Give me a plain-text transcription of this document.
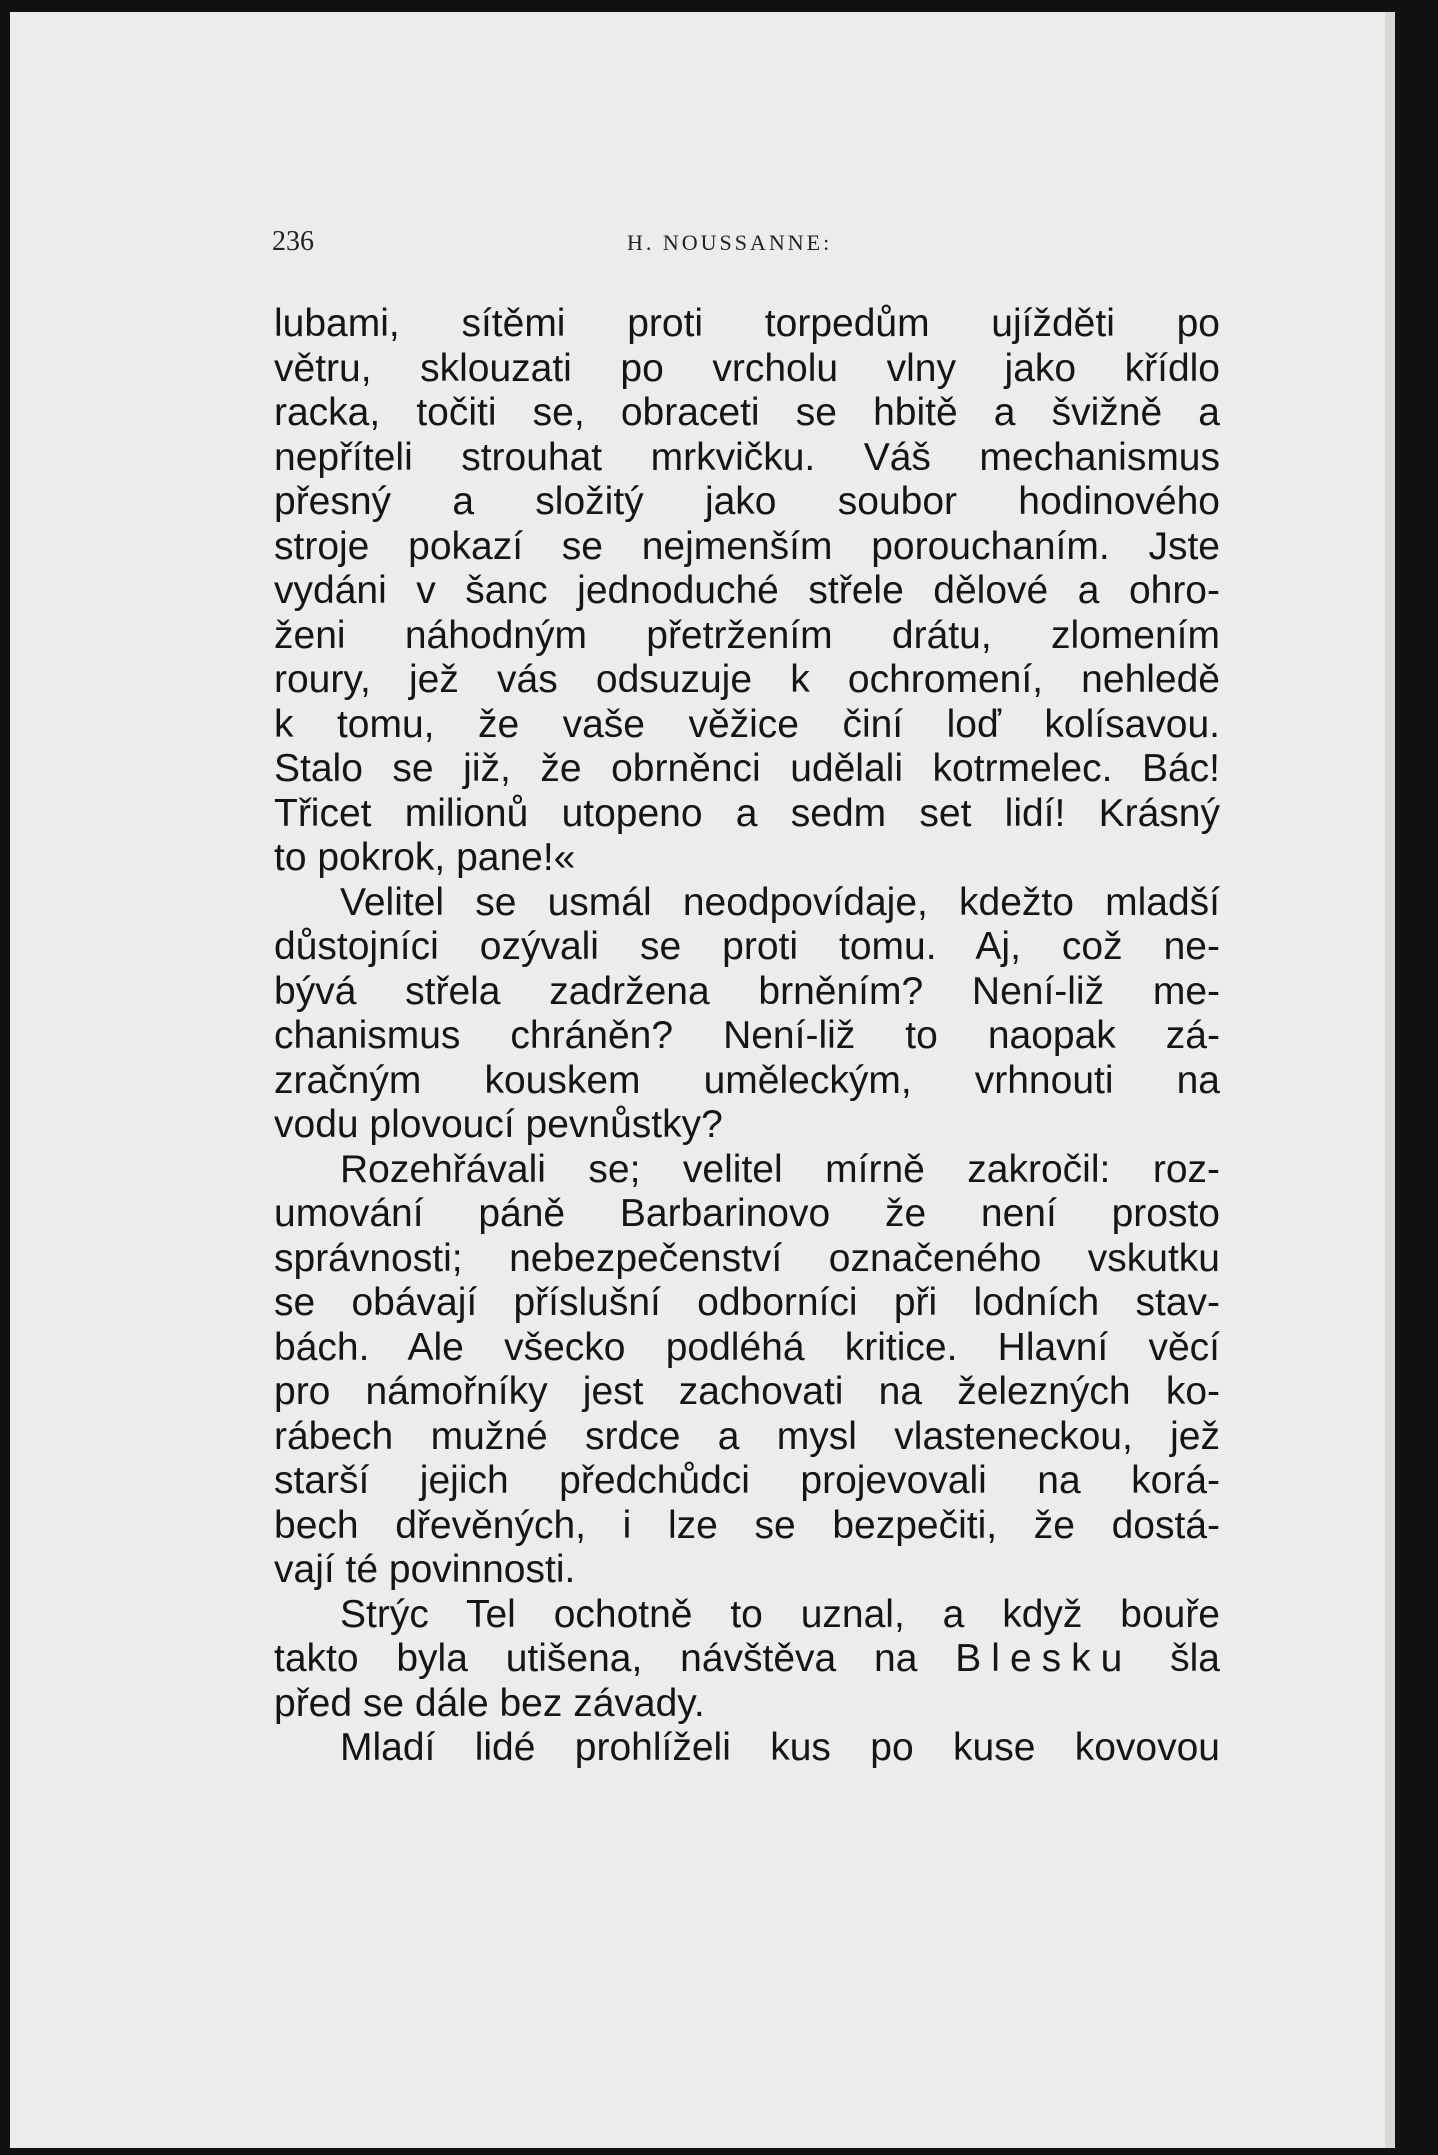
236	H. NOUSSANNE:
lubami, sítěmi proti torpedům ujížděti po
větru, sklouzati po vrcholu vlny jako křídlo
racka, točiti se, obraceti se hbitě a švižně a
nepříteli strouhat mrkvičku. Váš mechanismus
přesný a složitý jako soubor hodinového
stroje pokazí se nejmenším porouchaním. Jste
vydáni v šanc jednoduché střele dělové a ohro-
ženi náhodným přetržením drátu, zlomením
roury, jež vás odsuzuje k ochromení, nehledě
k tomu, že vaše věžice činí loď kolísavou.
Stalo se již, že obrněnci udělali kotrmelec. Bác!
Třicet milionů utopeno a sedm set lidí! Krásný
to pokrok, pane!«
Velitel se usmál neodpovídaje, kdežto mladší
důstojníci ozývali se proti tomu. Aj, což ne-
bývá střela zadržena brněním? Není-liž me-
chanismus chráněn? Není-liž to naopak zá-
zračným kouskem uměleckým, vrhnouti na
vodu plovoucí pevnůstky?
Rozehřávali se; velitel mírně zakročil: roz-
umování páně Barbarinovo že není prosto
správnosti; nebezpečenství označeného vskutku
se obávají příslušní odborníci při lodních stav-
bách. Ale všecko podléhá kritice. Hlavní věcí
pro námořníky jest zachovati na železných ko-
rábech mužné srdce a mysl vlasteneckou, jež
starší jejich předchůdci projevovali na korá-
bech dřevěných, i lze se bezpečiti, že dostá-
vají té povinnosti.
Strýc Tel ochotně to uznal, a když bouře
takto byla utišena, návštěva na Blesku šla
před se dále bez závady.
Mladí lidé prohlíželi kus po kuse kovovou
